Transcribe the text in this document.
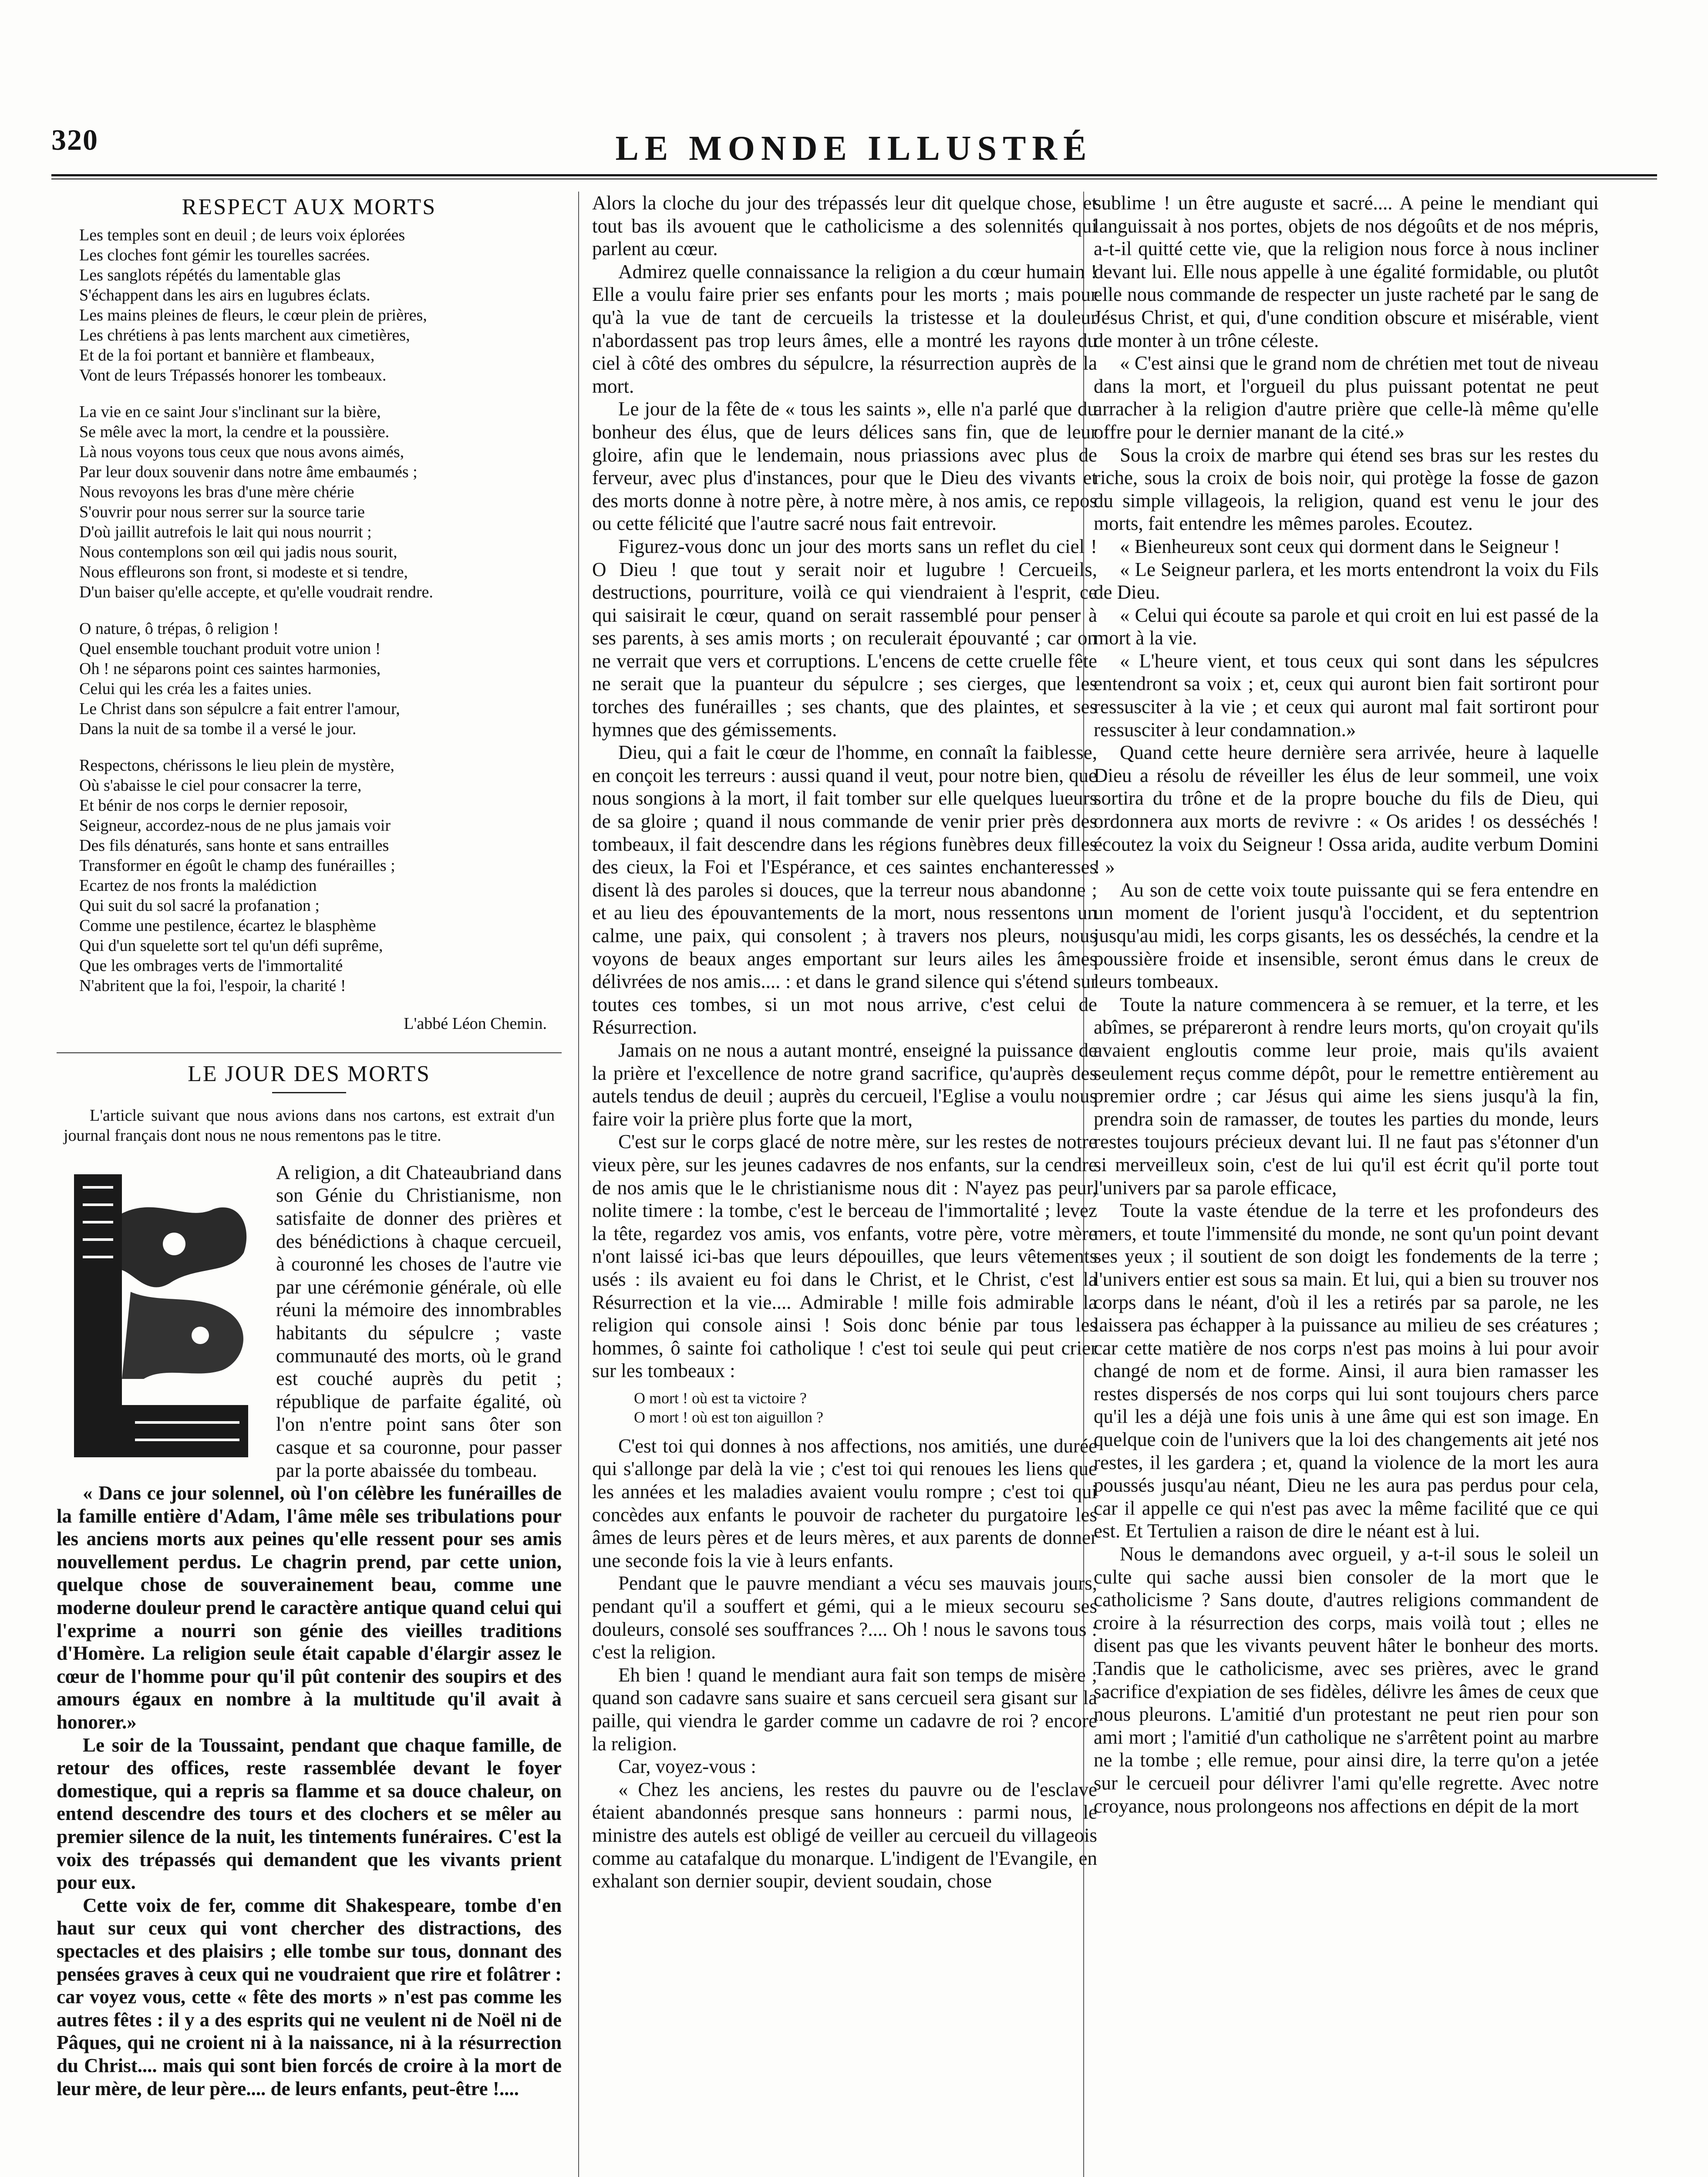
320	LE MONDE ILLUSTRÉ
RESPECT AUX MORTS
Les temples sont en deuil ; de leurs voix éplorées
Les cloches font gémir les tourelles sacrées.
Les sanglots répétés du lamentable glas
S'échappent dans les airs en lugubres éclats.
Les mains pleines de fleurs, le cœur plein de prières,
Les chrétiens à pas lents marchent aux cimetières,
Et de la foi portant et bannière et flambeaux,
Vont de leurs Trépassés honorer les tombeaux.
La vie en ce saint Jour s'inclinant sur la bière,
Se mêle avec la mort, la cendre et la poussière.
Là nous voyons tous ceux que nous avons aimés,
Par leur doux souvenir dans notre âme embaumés ;
Nous revoyons les bras d'une mère chérie
S'ouvrir pour nous serrer sur la source tarie
D'où jaillit autrefois le lait qui nous nourrit ;
Nous contemplons son œil qui jadis nous sourit,
Nous effleurons son front, si modeste et si tendre,
D'un baiser qu'elle accepte, et qu'elle voudrait rendre.
O nature, ô trépas, ô religion !
Quel ensemble touchant produit votre union !
Oh ! ne séparons point ces saintes harmonies,
Celui qui les créa les a faites unies.
Le Christ dans son sépulcre a fait entrer l'amour,
Dans la nuit de sa tombe il a versé le jour.
Respectons, chérissons le lieu plein de mystère,
Où s'abaisse le ciel pour consacrer la terre,
Et bénir de nos corps le dernier reposoir,
Seigneur, accordez-nous de ne plus jamais voir
Des fils dénaturés, sans honte et sans entrailles
Transformer en égoût le champ des funérailles ;
Ecartez de nos fronts la malédiction
Qui suit du sol sacré la profanation ;
Comme une pestilence, écartez le blasphème
Qui d'un squelette sort tel qu'un défi suprême,
Que les ombrages verts de l'immortalité
N'abritent que la foi, l'espoir, la charité !
L'abbé Léon Chemin.
LE JOUR DES MORTS
L'article suivant que nous avions dans nos cartons, est extrait d'un journal français dont nous ne nous rementons pas le titre.
A religion, a dit Chateaubriand dans son Génie du Christianisme, non satisfaite de donner des prières et des bénédictions à chaque cercueil, à couronné les choses de l'autre vie par une cérémonie générale, où elle réuni la mémoire des innombrables habitants du sépulcre ; vaste communauté des morts, où le grand est couché auprès du petit ; république de parfaite égalité, où l'on n'entre point sans ôter son casque et sa couronne, pour passer par la porte abaissée du tombeau.

« Dans ce jour solennel, où l'on célèbre les funérailles de la famille entière d'Adam, l'âme mêle ses tribulations pour les anciens morts aux peines qu'elle ressent pour ses amis nouvellement perdus. Le chagrin prend, par cette union, quelque chose de souverainement beau, comme une moderne douleur prend le caractère antique quand celui qui l'exprime a nourri son génie des vieilles traditions d'Homère. La religion seule était capable d'élargir assez le cœur de l'homme pour qu'il pût contenir des soupirs et des amours égaux en nombre à la multitude qu'il avait à honorer.»

Le soir de la Toussaint, pendant que chaque famille, de retour des offices, reste rassemblée devant le foyer domestique, qui a repris sa flamme et sa douce chaleur, on entend descendre des tours et des clochers et se mêler au premier silence de la nuit, les tintements funéraires. C'est la voix des trépassés qui demandent que les vivants prient pour eux.

Cette voix de fer, comme dit Shakespeare, tombe d'en haut sur ceux qui vont chercher des distractions, des spectacles et des plaisirs ; elle tombe sur tous, donnant des pensées graves à ceux qui ne voudraient que rire et folâtrer : car voyez vous, cette « fête des morts » n'est pas comme les autres fêtes : il y a des esprits qui ne veulent ni de Noël ni de Pâques, qui ne croient ni à la naissance, ni à la résurrection du Christ.... mais qui sont bien forcés de croire à la mort de leur mère, de leur père.... de leurs enfants, peut-être !....

Alors la cloche du jour des trépassés leur dit quelque chose, et tout bas ils avouent que le catholicisme a des solennités qui parlent au cœur.

Admirez quelle connaissance la religion a du cœur humain ! Elle a voulu faire prier ses enfants pour les morts ; mais pour qu'à la vue de tant de cercueils la tristesse et la douleur n'abordassent pas trop leurs âmes, elle a montré les rayons du ciel à côté des ombres du sépulcre, la résurrection auprès de la mort.

Le jour de la fête de « tous les saints », elle n'a parlé que du bonheur des élus, que de leurs délices sans fin, que de leur gloire, afin que le lendemain, nous priassions avec plus de ferveur, avec plus d'instances, pour que le Dieu des vivants et des morts donne à notre père, à notre mère, à nos amis, ce repos ou cette félicité que l'autre sacré nous fait entrevoir.

Figurez-vous donc un jour des morts sans un reflet du ciel ! O Dieu ! que tout y serait noir et lugubre ! Cercueils, destructions, pourriture, voilà ce qui viendraient à l'esprit, ce qui saisirait le cœur, quand on serait rassemblé pour penser à ses parents, à ses amis morts ; on reculerait épouvanté ; car on ne verrait que vers et corruptions. L'encens de cette cruelle fête ne serait que la puanteur du sépulcre ; ses cierges, que les torches des funérailles ; ses chants, que des plaintes, et ses hymnes que des gémissements.

Dieu, qui a fait le cœur de l'homme, en connaît la faiblesse, en conçoit les terreurs : aussi quand il veut, pour notre bien, que nous songions à la mort, il fait tomber sur elle quelques lueurs de sa gloire ; quand il nous commande de venir prier près des tombeaux, il fait descendre dans les régions funèbres deux filles des cieux, la Foi et l'Espérance, et ces saintes enchanteresses disent là des paroles si douces, que la terreur nous abandonne ; et au lieu des épouvantements de la mort, nous ressentons un calme, une paix, qui consolent ; à travers nos pleurs, nous voyons de beaux anges emportant sur leurs ailes les âmes délivrées de nos amis.... : et dans le grand silence qui s'étend sur toutes ces tombes, si un mot nous arrive, c'est celui de Résurrection.

Jamais on ne nous a autant montré, enseigné la puissance de la prière et l'excellence de notre grand sacrifice, qu'auprès des autels tendus de deuil ; auprès du cercueil, l'Eglise a voulu nous faire voir la prière plus forte que la mort,

C'est sur le corps glacé de notre mère, sur les restes de notre vieux père, sur les jeunes cadavres de nos enfants, sur la cendre de nos amis que le le christianisme nous dit : N'ayez pas peur, nolite timere : la tombe, c'est le berceau de l'immortalité ; levez la tête, regardez vos amis, vos enfants, votre père, votre mère n'ont laissé ici-bas que leurs dépouilles, que leurs vêtements usés : ils avaient eu foi dans le Christ, et le Christ, c'est la Résurrection et la vie.... Admirable ! mille fois admirable la religion qui console ainsi ! Sois donc bénie par tous les hommes, ô sainte foi catholique ! c'est toi seule qui peut crier sur les tombeaux :

O mort ! où est ta victoire ?
O mort ! où est ton aiguillon ?

C'est toi qui donnes à nos affections, nos amitiés, une durée qui s'allonge par delà la vie ; c'est toi qui renoues les liens que les années et les maladies avaient voulu rompre ; c'est toi qui concèdes aux enfants le pouvoir de racheter du purgatoire les âmes de leurs pères et de leurs mères, et aux parents de donner une seconde fois la vie à leurs enfants.

Pendant que le pauvre mendiant a vécu ses mauvais jours, pendant qu'il a souffert et gémi, qui a le mieux secouru ses douleurs, consolé ses souffrances ?.... Oh ! nous le savons tous : c'est la religion.

Eh bien ! quand le mendiant aura fait son temps de misère ; quand son cadavre sans suaire et sans cercueil sera gisant sur la paille, qui viendra le garder comme un cadavre de roi ? encore la religion.

Car, voyez-vous :

« Chez les anciens, les restes du pauvre ou de l'esclave étaient abandonnés presque sans honneurs : parmi nous, le ministre des autels est obligé de veiller au cercueil du villageois comme au catafalque du monarque. L'indigent de l'Evangile, en exhalant son dernier soupir, devient soudain, chose

sublime ! un être auguste et sacré.... A peine le mendiant qui languissait à nos portes, objets de nos dégoûts et de nos mépris, a-t-il quitté cette vie, que la religion nous force à nous incliner devant lui. Elle nous appelle à une égalité formidable, ou plutôt elle nous commande de respecter un juste racheté par le sang de Jésus Christ, et qui, d'une condition obscure et misérable, vient de monter à un trône céleste.

« C'est ainsi que le grand nom de chrétien met tout de niveau dans la mort, et l'orgueil du plus puissant potentat ne peut arracher à la religion d'autre prière que celle-là même qu'elle offre pour le dernier manant de la cité.»

Sous la croix de marbre qui étend ses bras sur les restes du riche, sous la croix de bois noir, qui protège la fosse de gazon du simple villageois, la religion, quand est venu le jour des morts, fait entendre les mêmes paroles. Ecoutez.

« Bienheureux sont ceux qui dorment dans le Seigneur !

« Le Seigneur parlera, et les morts entendront la voix du Fils de Dieu.

« Celui qui écoute sa parole et qui croit en lui est passé de la mort à la vie.

« L'heure vient, et tous ceux qui sont dans les sépulcres entendront sa voix ; et, ceux qui auront bien fait sortiront pour ressusciter à la vie ; et ceux qui auront mal fait sortiront pour ressusciter à leur condamnation.»

Quand cette heure dernière sera arrivée, heure à laquelle Dieu a résolu de réveiller les élus de leur sommeil, une voix sortira du trône et de la propre bouche du fils de Dieu, qui ordonnera aux morts de revivre : « Os arides ! os desséchés ! écoutez la voix du Seigneur ! Ossa arida, audite verbum Domini ! »

Au son de cette voix toute puissante qui se fera entendre en un moment de l'orient jusqu'à l'occident, et du septentrion jusqu'au midi, les corps gisants, les os desséchés, la cendre et la poussière froide et insensible, seront émus dans le creux de leurs tombeaux.

Toute la nature commencera à se remuer, et la terre, et les abîmes, se prépareront à rendre leurs morts, qu'on croyait qu'ils avaient engloutis comme leur proie, mais qu'ils avaient seulement reçus comme dépôt, pour le remettre entièrement au premier ordre ; car Jésus qui aime les siens jusqu'à la fin, prendra soin de ramasser, de toutes les parties du monde, leurs restes toujours précieux devant lui. Il ne faut pas s'étonner d'un si merveilleux soin, c'est de lui qu'il est écrit qu'il porte tout l'univers par sa parole efficace,

Toute la vaste étendue de la terre et les profondeurs des mers, et toute l'immensité du monde, ne sont qu'un point devant ses yeux ; il soutient de son doigt les fondements de la terre ; l'univers entier est sous sa main. Et lui, qui a bien su trouver nos corps dans le néant, d'où il les a retirés par sa parole, ne les laissera pas échapper à la puissance au milieu de ses créatures ; car cette matière de nos corps n'est pas moins à lui pour avoir changé de nom et de forme. Ainsi, il aura bien ramasser les restes dispersés de nos corps qui lui sont toujours chers parce qu'il les a déjà une fois unis à une âme qui est son image. En quelque coin de l'univers que la loi des changements ait jeté nos restes, il les gardera ; et, quand la violence de la mort les aura poussés jusqu'au néant, Dieu ne les aura pas perdus pour cela, car il appelle ce qui n'est pas avec la même facilité que ce qui est. Et Tertulien a raison de dire le néant est à lui.

Nous le demandons avec orgueil, y a-t-il sous le soleil un culte qui sache aussi bien consoler de la mort que le catholicisme ? Sans doute, d'autres religions commandent de croire à la résurrection des corps, mais voilà tout ; elles ne disent pas que les vivants peuvent hâter le bonheur des morts. Tandis que le catholicisme, avec ses prières, avec le grand sacrifice d'expiation de ses fidèles, délivre les âmes de ceux que nous pleurons. L'amitié d'un protestant ne peut rien pour son ami mort ; l'amitié d'un catholique ne s'arrêtent point au marbre ne la tombe ; elle remue, pour ainsi dire, la terre qu'on a jetée sur le cercueil pour délivrer l'ami qu'elle regrette. Avec notre croyance, nous prolongeons nos affections en dépit de la mort
